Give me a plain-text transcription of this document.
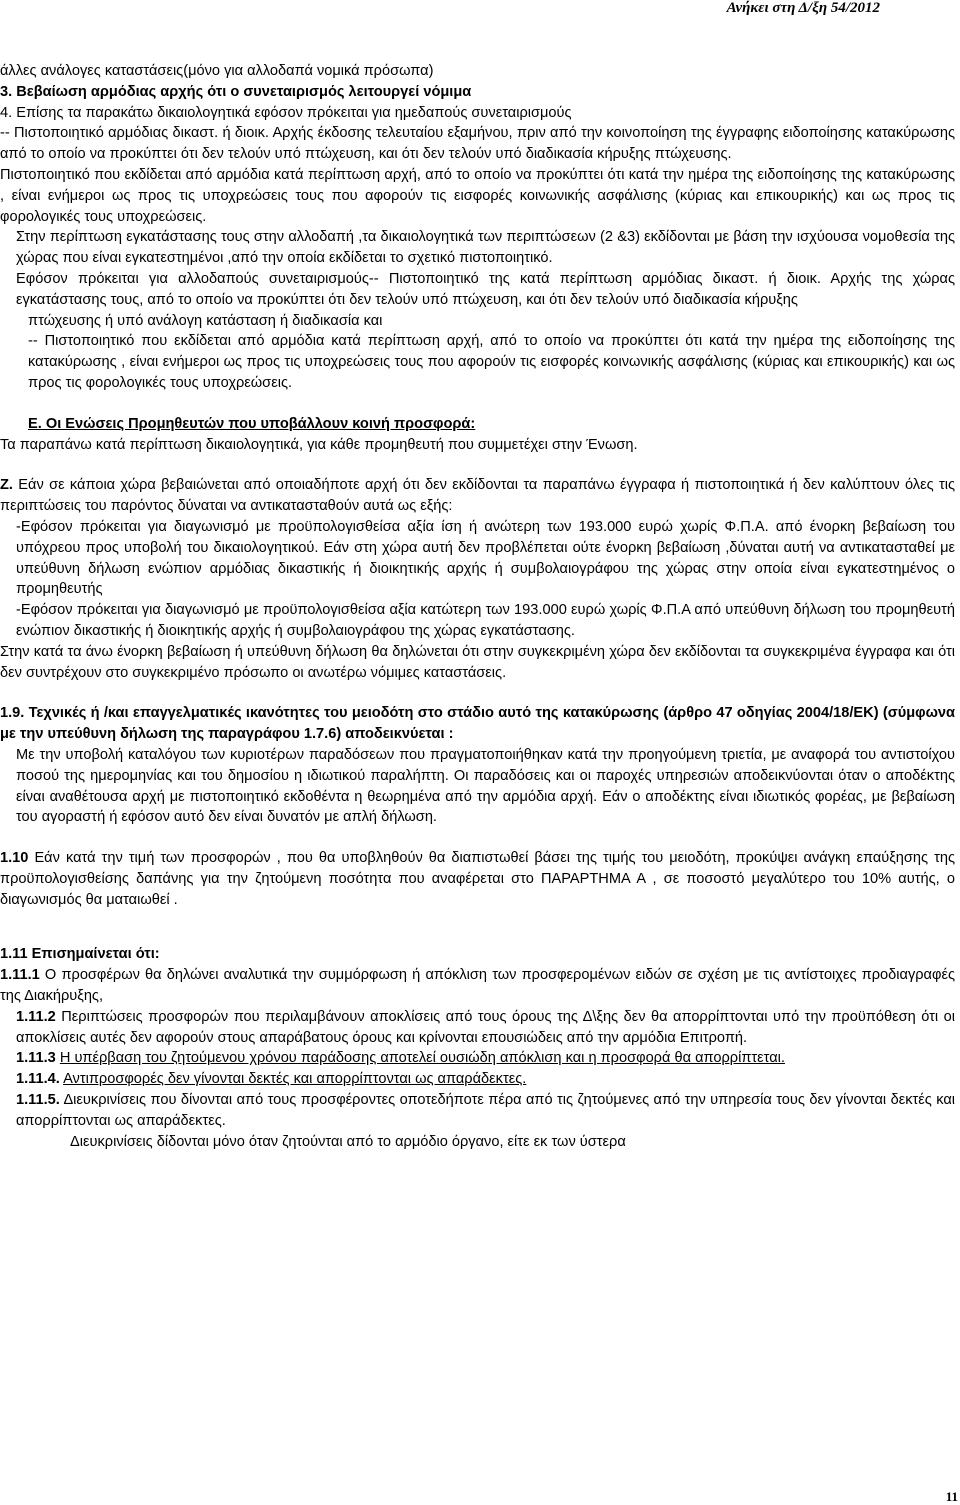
Ανήκει στη Δ/ξη 54/2012

άλλες ανάλογες καταστάσεις(μόνο για αλλοδαπά νομικά πρόσωπα)

3. Βεβαίωση αρμόδιας αρχής ότι ο συνεταιρισμός λειτουργεί νόμιμα

4. Επίσης τα παρακάτω δικαιολογητικά εφόσον πρόκειται για ημεδαπούς συνεταιρισμούς

-- Πιστοποιητικό αρμόδιας δικαστ. ή διοικ. Αρχής έκδοσης τελευταίου εξαμήνου, πριν από την κοινοποίηση της έγγραφης ειδοποίησης κατακύρωσης από το οποίο να προκύπτει ότι δεν τελούν υπό πτώχευση, και ότι δεν τελούν υπό διαδικασία κήρυξης πτώχευσης.

Πιστοποιητικό που εκδίδεται από αρμόδια κατά περίπτωση αρχή, από το οποίο να προκύπτει ότι κατά την ημέρα της ειδοποίησης της κατακύρωσης , είναι ενήμεροι ως προς τις υποχρεώσεις τους που αφορούν τις εισφορές κοινωνικής ασφάλισης (κύριας και επικουρικής) και ως προς τις φορολογικές τους υποχρεώσεις.

Στην περίπτωση εγκατάστασης τους στην αλλοδαπή ,τα δικαιολογητικά των περιπτώσεων (2 &3) εκδίδονται με βάση την ισχύουσα νομοθεσία της χώρας που είναι εγκατεστημένοι ,από την οποία εκδίδεται το σχετικό πιστοποιητικό.

Εφόσον πρόκειται για αλλοδαπούς συνεταιρισμούς-- Πιστοποιητικό της κατά περίπτωση αρμόδιας δικαστ. ή διοικ. Αρχής της χώρας εγκατάστασης τους, από το οποίο να προκύπτει ότι δεν τελούν υπό πτώχευση, και ότι δεν τελούν υπό διαδικασία κήρυξης

πτώχευσης ή υπό ανάλογη κατάσταση ή διαδικασία και

-- Πιστοποιητικό που εκδίδεται από αρμόδια κατά περίπτωση αρχή, από το οποίο να προκύπτει ότι κατά την ημέρα της ειδοποίησης της κατακύρωσης , είναι ενήμεροι ως προς τις υποχρεώσεις τους που αφορούν τις εισφορές κοινωνικής ασφάλισης (κύριας και επικουρικής) και ως προς τις φορολογικές τους υποχρεώσεις.

Ε. Οι Ενώσεις Προμηθευτών που υποβάλλουν κοινή προσφορά:

Τα παραπάνω κατά περίπτωση δικαιολογητικά, για κάθε προμηθευτή που συμμετέχει στην Ένωση.

Ζ. Εάν σε κάποια χώρα βεβαιώνεται από οποιαδήποτε αρχή ότι δεν εκδίδονται τα παραπάνω έγγραφα ή πιστοποιητικά ή δεν καλύπτουν όλες τις περιπτώσεις του παρόντος δύναται να αντικατασταθούν αυτά ως εξής:

-Εφόσον πρόκειται για διαγωνισμό με προϋπολογισθείσα αξία ίση ή ανώτερη των 193.000 ευρώ χωρίς Φ.Π.Α. από ένορκη βεβαίωση του υπόχρεου προς υποβολή του δικαιολογητικού. Εάν στη χώρα αυτή δεν προβλέπεται ούτε ένορκη βεβαίωση ,δύναται αυτή να αντικατασταθεί με υπεύθυνη δήλωση ενώπιον αρμόδιας δικαστικής ή διοικητικής αρχής ή συμβολαιογράφου της χώρας στην οποία είναι εγκατεστημένος ο προμηθευτής

-Εφόσον πρόκειται για διαγωνισμό με προϋπολογισθείσα αξία κατώτερη των 193.000 ευρώ χωρίς Φ.Π.Α από υπεύθυνη δήλωση του προμηθευτή ενώπιον δικαστικής ή διοικητικής αρχής ή συμβολαιογράφου της χώρας εγκατάστασης.

Στην κατά τα άνω ένορκη βεβαίωση ή υπεύθυνη δήλωση θα δηλώνεται ότι στην συγκεκριμένη χώρα δεν εκδίδονται τα συγκεκριμένα έγγραφα και ότι δεν συντρέχουν στο συγκεκριμένο πρόσωπο οι ανωτέρω νόμιμες καταστάσεις.

1.9. Τεχνικές ή /και επαγγελματικές ικανότητες του μειοδότη στο στάδιο αυτό της κατακύρωσης (άρθρο 47 οδηγίας 2004/18/ΕΚ) (σύμφωνα με την υπεύθυνη δήλωση της παραγράφου 1.7.6) αποδεικνύεται :

Με την υποβολή καταλόγου των κυριοτέρων παραδόσεων που πραγματοποιήθηκαν κατά την προηγούμενη τριετία, με αναφορά του αντιστοίχου ποσού της ημερομηνίας και του δημοσίου η ιδιωτικού παραλήπτη. Οι παραδόσεις και οι παροχές υπηρεσιών αποδεικνύονται όταν ο αποδέκτης είναι αναθέτουσα αρχή με πιστοποιητικό εκδοθέντα η θεωρημένα από την αρμόδια αρχή. Εάν ο αποδέκτης είναι ιδιωτικός φορέας, με βεβαίωση του αγοραστή ή εφόσον αυτό δεν είναι δυνατόν με απλή δήλωση.

1.10 Εάν κατά την τιμή των προσφορών , που θα υποβληθούν θα διαπιστωθεί βάσει της τιμής του μειοδότη, προκύψει ανάγκη επαύξησης της προϋπολογισθείσης δαπάνης για την ζητούμενη ποσότητα που αναφέρεται στο ΠΑΡΑΡΤΗΜΑ Α , σε ποσοστό μεγαλύτερο του 10% αυτής, ο διαγωνισμός θα ματαιωθεί .

1.11 Επισημαίνεται ότι:

1.11.1 Ο προσφέρων θα δηλώνει αναλυτικά την συμμόρφωση ή απόκλιση των προσφερομένων ειδών σε σχέση με τις αντίστοιχες προδιαγραφές της Διακήρυξης,

1.11.2 Περιπτώσεις προσφορών που περιλαμβάνουν αποκλίσεις από τους όρους της Δ\ξης δεν θα απορρίπτονται υπό την προϋπόθεση ότι οι αποκλίσεις αυτές δεν αφορούν στους απαράβατους όρους και κρίνονται επουσιώδεις από την αρμόδια Επιτροπή.

1.11.3 Η υπέρβαση του ζητούμενου χρόνου παράδοσης αποτελεί ουσιώδη απόκλιση και η προσφορά θα απορρίπτεται.

1.11.4. Αντιπροσφορές δεν γίνονται δεκτές και απορρίπτονται ως απαράδεκτες.

1.11.5. Διευκρινίσεις που δίνονται από τους προσφέροντες οποτεδήποτε πέρα από τις ζητούμενες από την υπηρεσία τους δεν γίνονται δεκτές και απορρίπτονται ως απαράδεκτες.

Διευκρινίσεις δίδονται μόνο όταν ζητούνται από το αρμόδιο όργανο, είτε εκ των ύστερα

11
